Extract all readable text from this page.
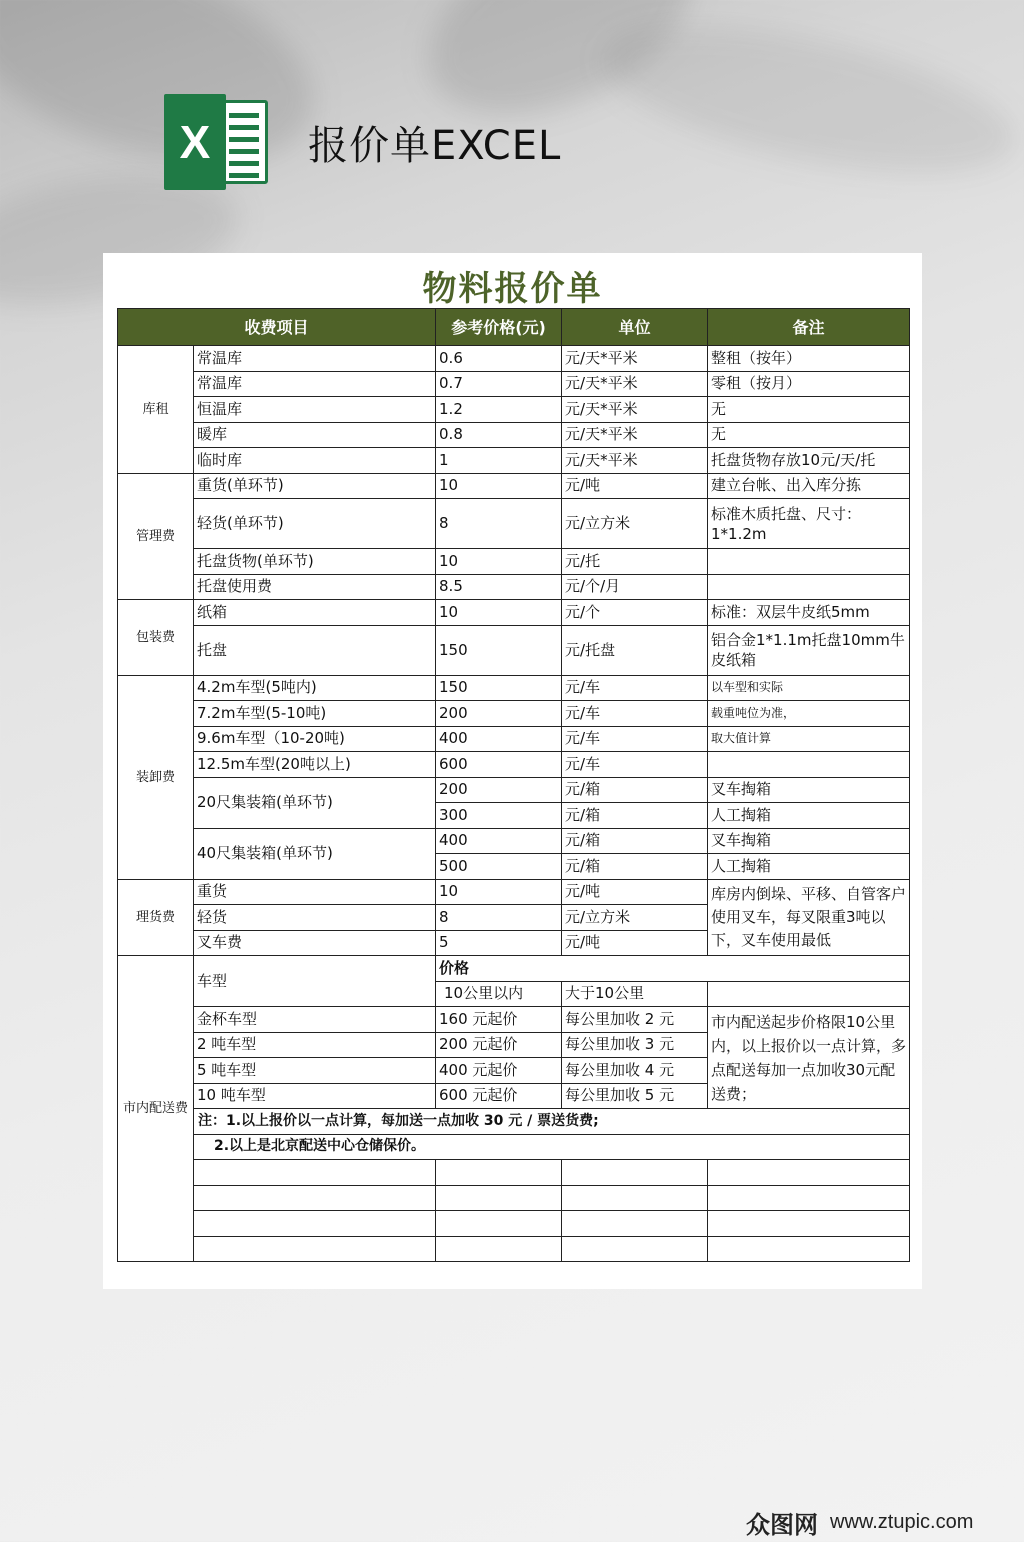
X	报价单EXCEL
物料报价单
收费项目		参考价格(元)	单位	备注
库租	常温库	0.6	元/天*平米	整租（按年）
	常温库	0.7	元/天*平米	零租（按月）
	恒温库	1.2	元/天*平米	无
	暖库	0.8	元/天*平米	无
	临时库	1	元/天*平米	托盘货物存放10元/天/托
管理费	重货(单环节)	10	元/吨	建立台帐、出入库分拣
	轻货(单环节)	8	元/立方米	标准木质托盘、尺寸：1*1.2m
	托盘货物(单环节)	10	元/托	
	托盘使用费	8.5	元/个/月	
包装费	纸箱	10	元/个	标准：双层牛皮纸5mm
	托盘	150	元/托盘	铝合金1*1.1m托盘10mm牛皮纸箱
装卸费	4.2m车型(5吨内)	150	元/车	以车型和实际
	7.2m车型(5-10吨)	200	元/车	载重吨位为准，
	9.6m车型（10-20吨)	400	元/车	取大值计算
	12.5m车型(20吨以上)	600	元/车	
	20尺集装箱(单环节)	200	元/箱	叉车掏箱
		300	元/箱	人工掏箱
	40尺集装箱(单环节)	400	元/箱	叉车掏箱
		500	元/箱	人工掏箱
理货费	重货	10	元/吨	库房内倒垛、平移、自管客户使用叉车，每叉限重3吨以下，叉车使用最低

	轻货	8	元/立方米	
	叉车费	5	元/吨	
市内配送费	车型	价格		
		10公里以内	大于10公里	
	金杯车型	160 元起价	每公里加收 2 元	市内配送起步价格限10公里内，以上报价以一点计算，多点配送每加一点加收30元配送费；
	2 吨车型	200 元起价	每公里加收 3 元	
	5 吨车型	400 元起价	每公里加收 4 元	
	10 吨车型	600 元起价	每公里加收 5 元	
	注：1.以上报价以一点计算，每加送一点加收 30 元 / 票送货费;			
	2.以上是北京配送中心仓储保价。			

众图网 www.ztupic.com
